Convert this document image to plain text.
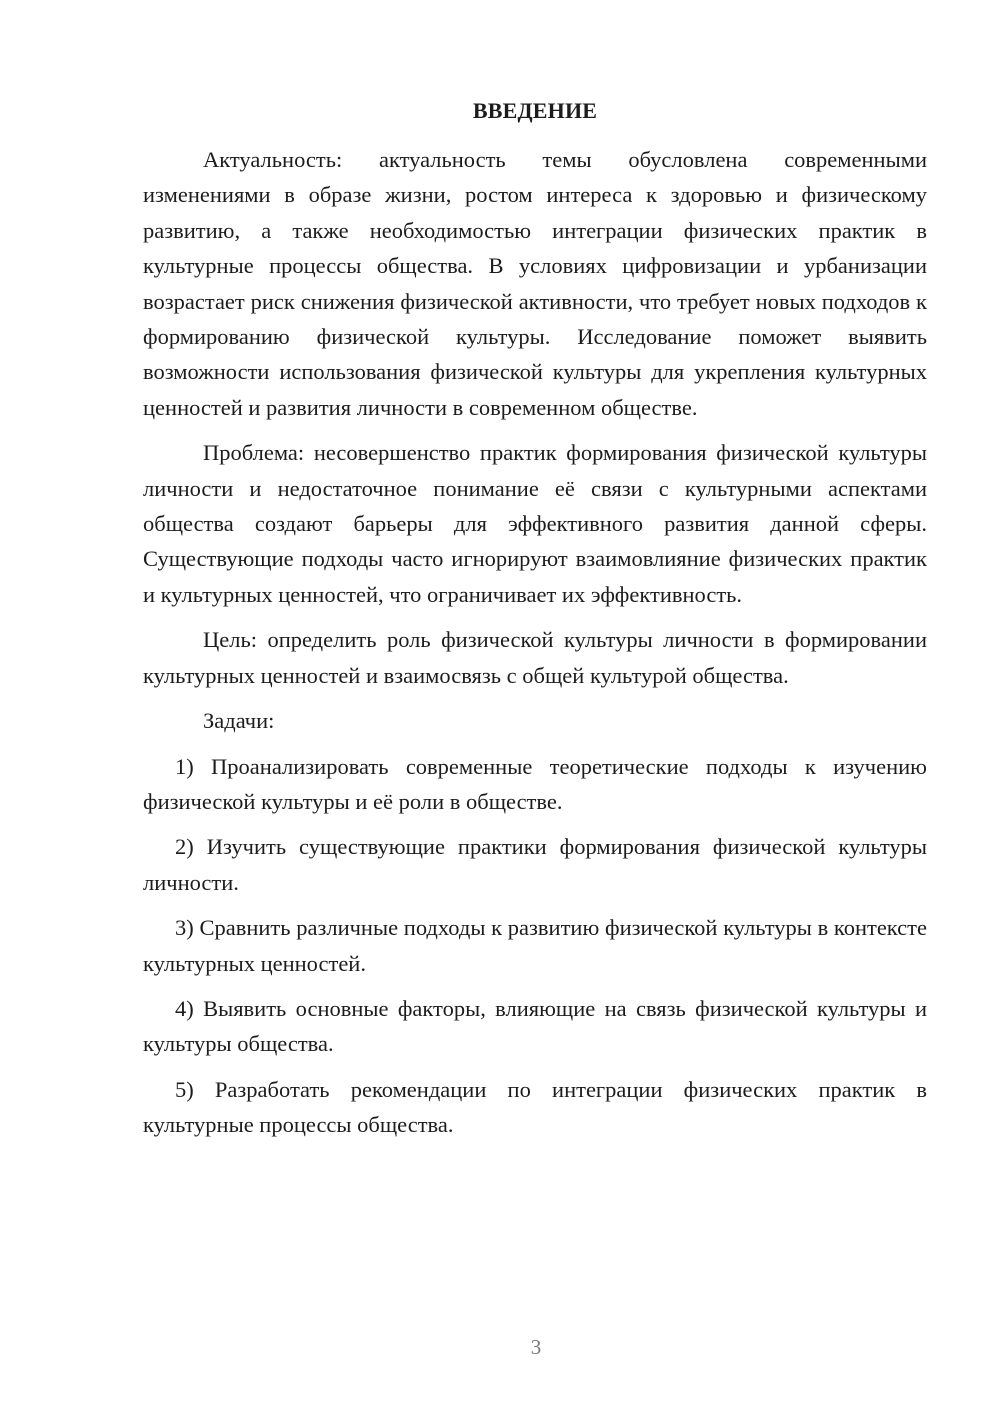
ВВЕДЕНИЕ

Актуальность: актуальность темы обусловлена современными изменениями в образе жизни, ростом интереса к здоровью и физическому развитию, а также необходимостью интеграции физических практик в культурные процессы общества. В условиях цифровизации и урбанизации возрастает риск снижения физической активности, что требует новых подходов к формированию физической культуры. Исследование поможет выявить возможности использования физической культуры для укрепления культурных ценностей и развития личности в современном обществе.

Проблема: несовершенство практик формирования физической культуры личности и недостаточное понимание её связи с культурными аспектами общества создают барьеры для эффективного развития данной сферы. Существующие подходы часто игнорируют взаимовлияние физических практик и культурных ценностей, что ограничивает их эффективность.

Цель: определить роль физической культуры личности в формировании культурных ценностей и взаимосвязь с общей культурой общества.

Задачи:

1) Проанализировать современные теоретические подходы к изучению физической культуры и её роли в обществе.

2) Изучить существующие практики формирования физической культуры личности.

3) Сравнить различные подходы к развитию физической культуры в контексте культурных ценностей.

4) Выявить основные факторы, влияющие на связь физической культуры и культуры общества.

5) Разработать рекомендации по интеграции физических практик в культурные процессы общества.

3
